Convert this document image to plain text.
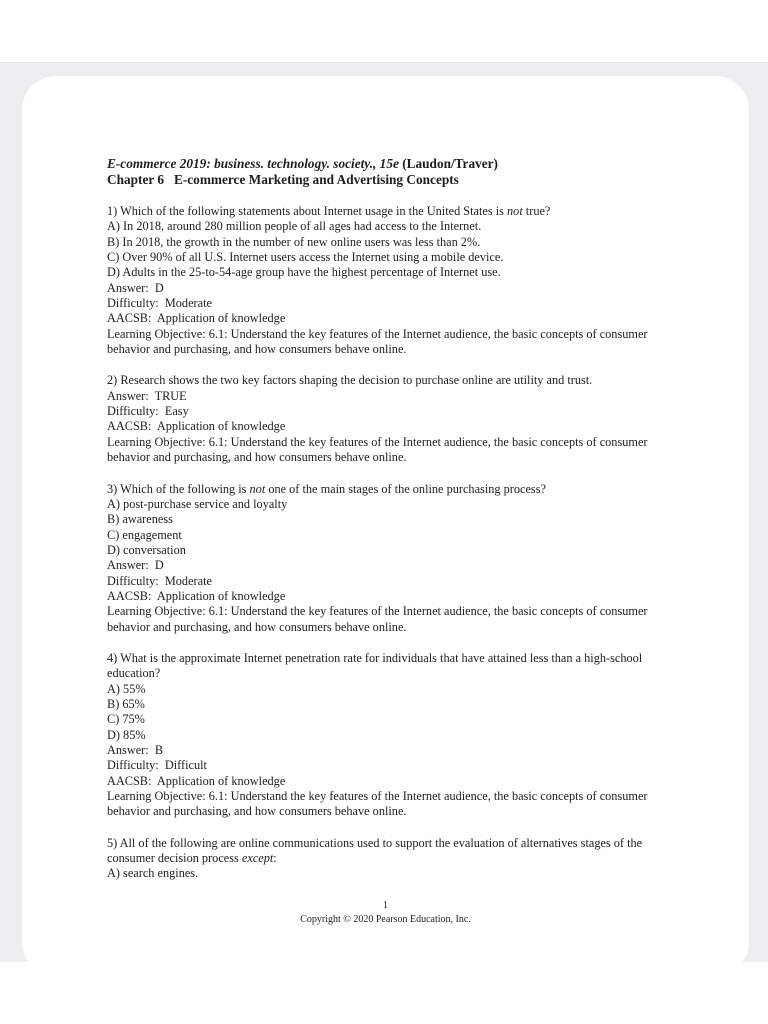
E-commerce 2019: business. technology. society., 15e (Laudon/Traver)
Chapter 6   E-commerce Marketing and Advertising Concepts
1) Which of the following statements about Internet usage in the United States is not true?
A) In 2018, around 280 million people of all ages had access to the Internet.
B) In 2018, the growth in the number of new online users was less than 2%.
C) Over 90% of all U.S. Internet users access the Internet using a mobile device.
D) Adults in the 25-to-54-age group have the highest percentage of Internet use.
Answer:  D
Difficulty:  Moderate
AACSB:  Application of knowledge
Learning Objective: 6.1: Understand the key features of the Internet audience, the basic concepts of consumer behavior and purchasing, and how consumers behave online.
2) Research shows the two key factors shaping the decision to purchase online are utility and trust.
Answer:  TRUE
Difficulty:  Easy
AACSB:  Application of knowledge
Learning Objective: 6.1: Understand the key features of the Internet audience, the basic concepts of consumer behavior and purchasing, and how consumers behave online.
3) Which of the following is not one of the main stages of the online purchasing process?
A) post-purchase service and loyalty
B) awareness
C) engagement
D) conversation
Answer:  D
Difficulty:  Moderate
AACSB:  Application of knowledge
Learning Objective: 6.1: Understand the key features of the Internet audience, the basic concepts of consumer behavior and purchasing, and how consumers behave online.
4) What is the approximate Internet penetration rate for individuals that have attained less than a high-school education?
A) 55%
B) 65%
C) 75%
D) 85%
Answer:  B
Difficulty:  Difficult
AACSB:  Application of knowledge
Learning Objective: 6.1: Understand the key features of the Internet audience, the basic concepts of consumer behavior and purchasing, and how consumers behave online.
5) All of the following are online communications used to support the evaluation of alternatives stages of the consumer decision process except:
A) search engines.
1
Copyright © 2020 Pearson Education, Inc.
